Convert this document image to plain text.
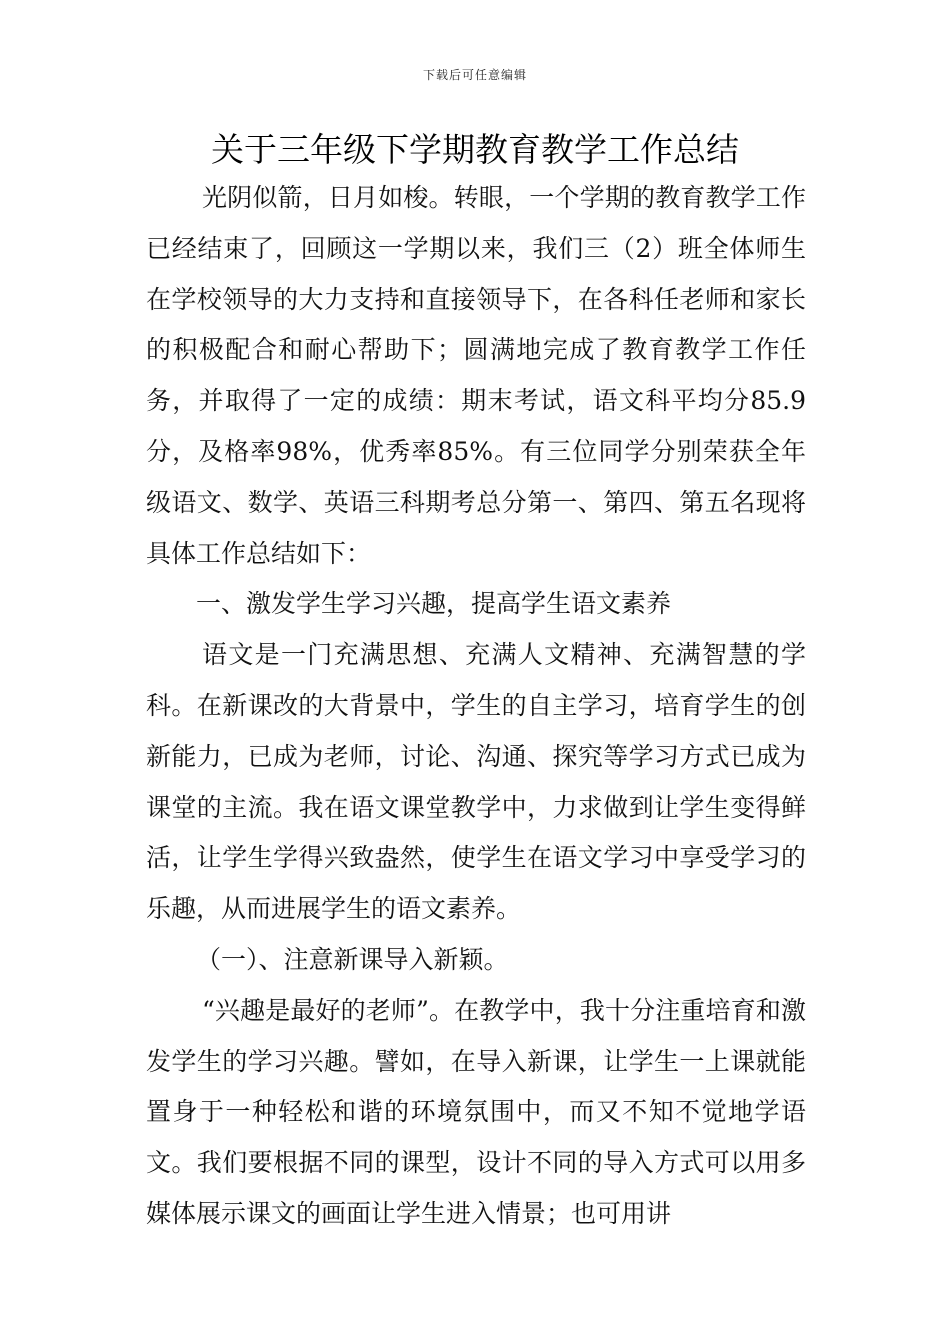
下载后可任意编辑
关于三年级下学期教育教学工作总结

光阴似箭，日月如梭。转眼，一个学期的教育教学工作已经结束了，回顾这一学期以来，我们三（2）班全体师生在学校领导的大力支持和直接领导下，在各科任老师和家长的积极配合和耐心帮助下；圆满地完成了教育教学工作任务，并取得了一定的成绩：期末考试，语文科平均分85.9分，及格率98%，优秀率85%。有三位同学分别荣获全年级语文、数学、英语三科期考总分第一、第四、第五名现将具体工作总结如下：

一、激发学生学习兴趣，提高学生语文素养

语文是一门充满思想、充满人文精神、充满智慧的学科。在新课改的大背景中，学生的自主学习，培育学生的创新能力，已成为老师，讨论、沟通、探究等学习方式已成为课堂的主流。我在语文课堂教学中，力求做到让学生变得鲜活，让学生学得兴致盎然，使学生在语文学习中享受学习的乐趣，从而进展学生的语文素养。

（一）、注意新课导入新颖。

“兴趣是最好的老师”。在教学中，我十分注重培育和激发学生的学习兴趣。譬如，在导入新课，让学生一上课就能置身于一种轻松和谐的环境氛围中，而又不知不觉地学语文。我们要根据不同的课型，设计不同的导入方式可以用多媒体展示课文的画面让学生进入情景；也可用讲
